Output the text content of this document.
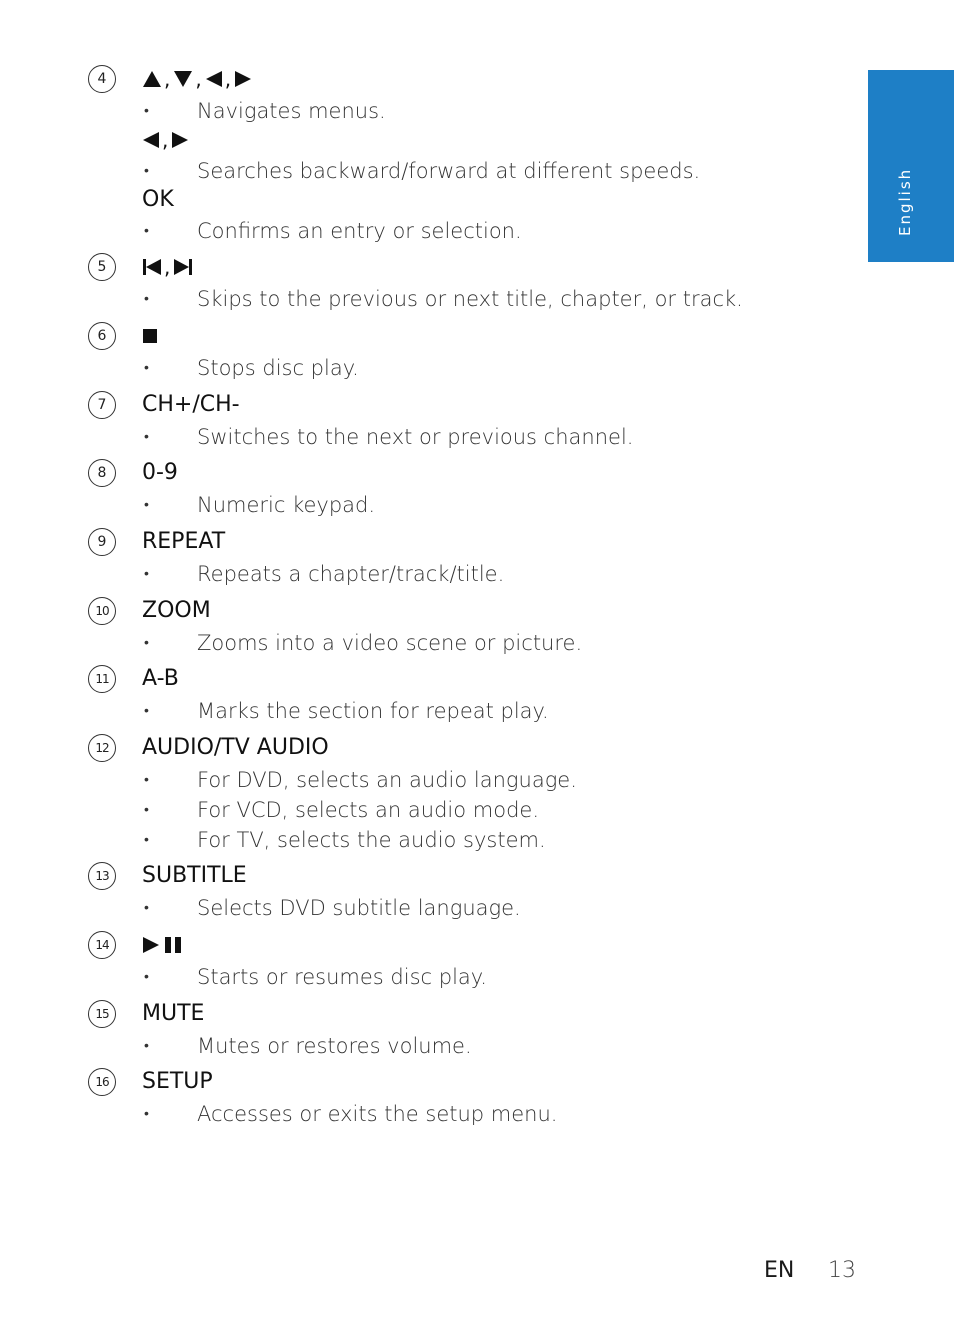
English
4	, , ,
• Navigates menus.
,
• Searches backward/forward at different speeds.
OK
• Confirms an entry or selection.
5	,
• Skips to the previous or next title, chapter, or track.
6
• Stops disc play.
7	CH+/CH-
• Switches to the next or previous channel.
8	0-9
• Numeric keypad.
9	REPEAT
• Repeats a chapter/track/title.
10	ZOOM
• Zooms into a video scene or picture.
11	A-B
• Marks the section for repeat play.
12	AUDIO/TV AUDIO
• For DVD, selects an audio language.
• For VCD, selects an audio mode.
• For TV, selects the audio system.
13	SUBTITLE
• Selects DVD subtitle language.
14
• Starts or resumes disc play.
15	MUTE
• Mutes or restores volume.
16	SETUP
• Accesses or exits the setup menu.
EN 13
